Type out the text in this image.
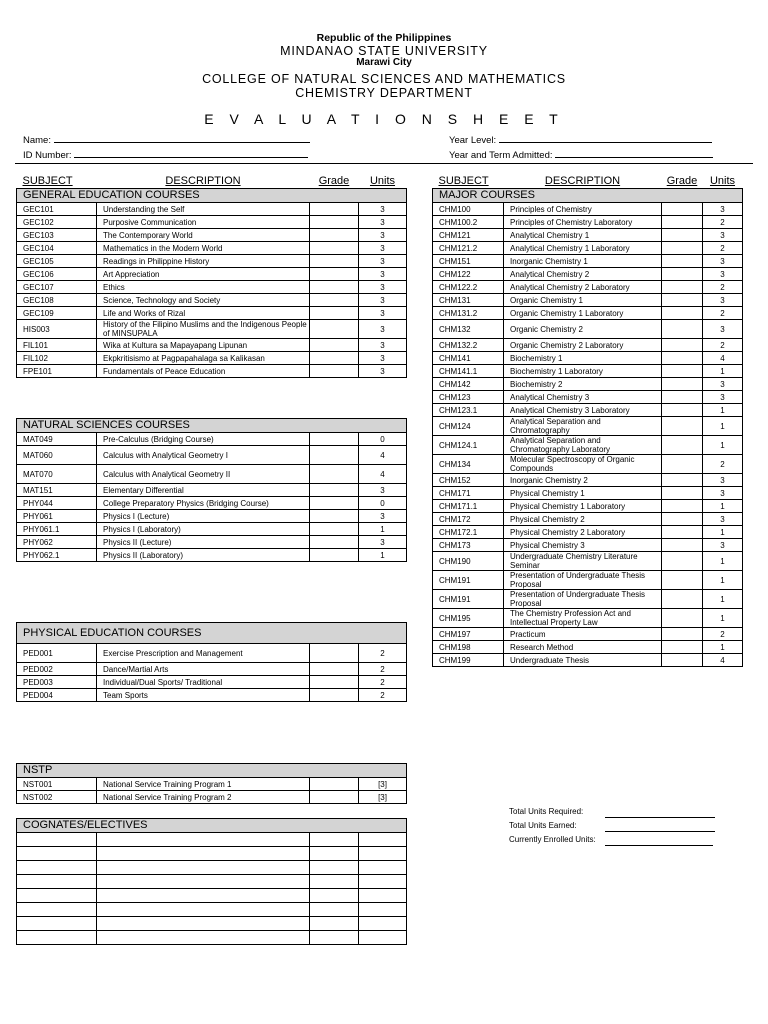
Republic of the Philippines
MINDANAO STATE UNIVERSITY
Marawi City
COLLEGE OF NATURAL SCIENCES AND MATHEMATICS
CHEMISTRY DEPARTMENT
E V A L U A T I O N S H E E T
Name:
ID Number:
Year Level:
Year and Term Admitted:
SUBJECT	DESCRIPTION	Grade	Units
GENERAL EDUCATION COURSES			
GEC101	Understanding the Self		3
GEC102	Purposive Communication		3
GEC103	The Contemporary World		3
GEC104	Mathematics in the Modern World		3
GEC105	Readings in Philippine History		3
GEC106	Art Appreciation		3
GEC107	Ethics		3
GEC108	Science, Technology and Society		3
GEC109	Life and Works of Rizal		3
HIS003	History of the Filipino Muslims and the Indigenous People of MINSUPALA		3
FIL101	Wika at Kultura sa Mapayapang Lipunan		3
FIL102	Ekpkritisismo at Pagpapahalaga sa Kalikasan		3
FPE101	Fundamentals of Peace Education		3
NATURAL SCIENCES COURSES			
MAT049	Pre-Calculus (Bridging Course)		0
MAT060	Calculus with Analytical Geometry I		4
MAT070	Calculus with Analytical Geometry II		4
MAT151	Elementary Differential		3
PHY044	College Preparatory Physics (Bridging Course)		0
PHY061	Physics I (Lecture)		3
PHY061.1	Physics I (Laboratory)		1
PHY062	Physics II (Lecture)		3
PHY062.1	Physics II (Laboratory)		1
PHYSICAL EDUCATION COURSES			
PED001	Exercise Prescription and Management		2
PED002	Dance/Martial Arts		2
PED003	Individual/Dual Sports/ Traditional		2
PED004	Team Sports		2
NSTP			
NST001	National Service Training Program 1		[3]
NST002	National Service Training Program 2		[3]
COGNATES/ELECTIVES			

SUBJECT	DESCRIPTION	Grade	Units
MAJOR COURSES			
CHM100	Principles of Chemistry		3
CHM100.2	Principles of Chemistry Laboratory		2
CHM121	Analytical Chemistry 1		3
CHM121.2	Analytical Chemistry 1 Laboratory		2
CHM151	Inorganic Chemistry 1		3
CHM122	Analytical Chemistry 2		3
CHM122.2	Analytical Chemistry 2 Laboratory		2
CHM131	Organic Chemistry 1		3
CHM131.2	Organic Chemistry 1 Laboratory		2
CHM132	Organic Chemistry 2		3
CHM132.2	Organic Chemistry 2 Laboratory		2
CHM141	Biochemistry 1		4
CHM141.1	Biochemistry 1 Laboratory		1
CHM142	Biochemistry 2		3
CHM123	Analytical Chemistry 3		3
CHM123.1	Analytical Chemistry 3 Laboratory		1
CHM124	Analytical Separation and Chromatography		1
CHM124.1	Analytical Separation and Chromatography Laboratory		1
CHM134	Molecular Spectroscopy of Organic Compounds		2
CHM152	Inorganic Chemistry 2		3
CHM171	Physical Chemistry 1		3
CHM171.1	Physical Chemistry 1 Laboratory		1
CHM172	Physical Chemistry 2		3
CHM172.1	Physical Chemistry 2 Laboratory		1
CHM173	Physical Chemistry 3		3
CHM190	Undergraduate Chemistry Literature Seminar		1
CHM191	Presentation of Undergraduate Thesis Proposal		1
CHM191	Presentation of Undergraduate Thesis Proposal		1
CHM195	The Chemistry Profession Act and Intellectual Property Law		1
CHM197	Practicum		2
CHM198	Research Method		1
CHM199	Undergraduate Thesis		4
Total Units Required:
Total Units Earned:
Currently Enrolled Units:
